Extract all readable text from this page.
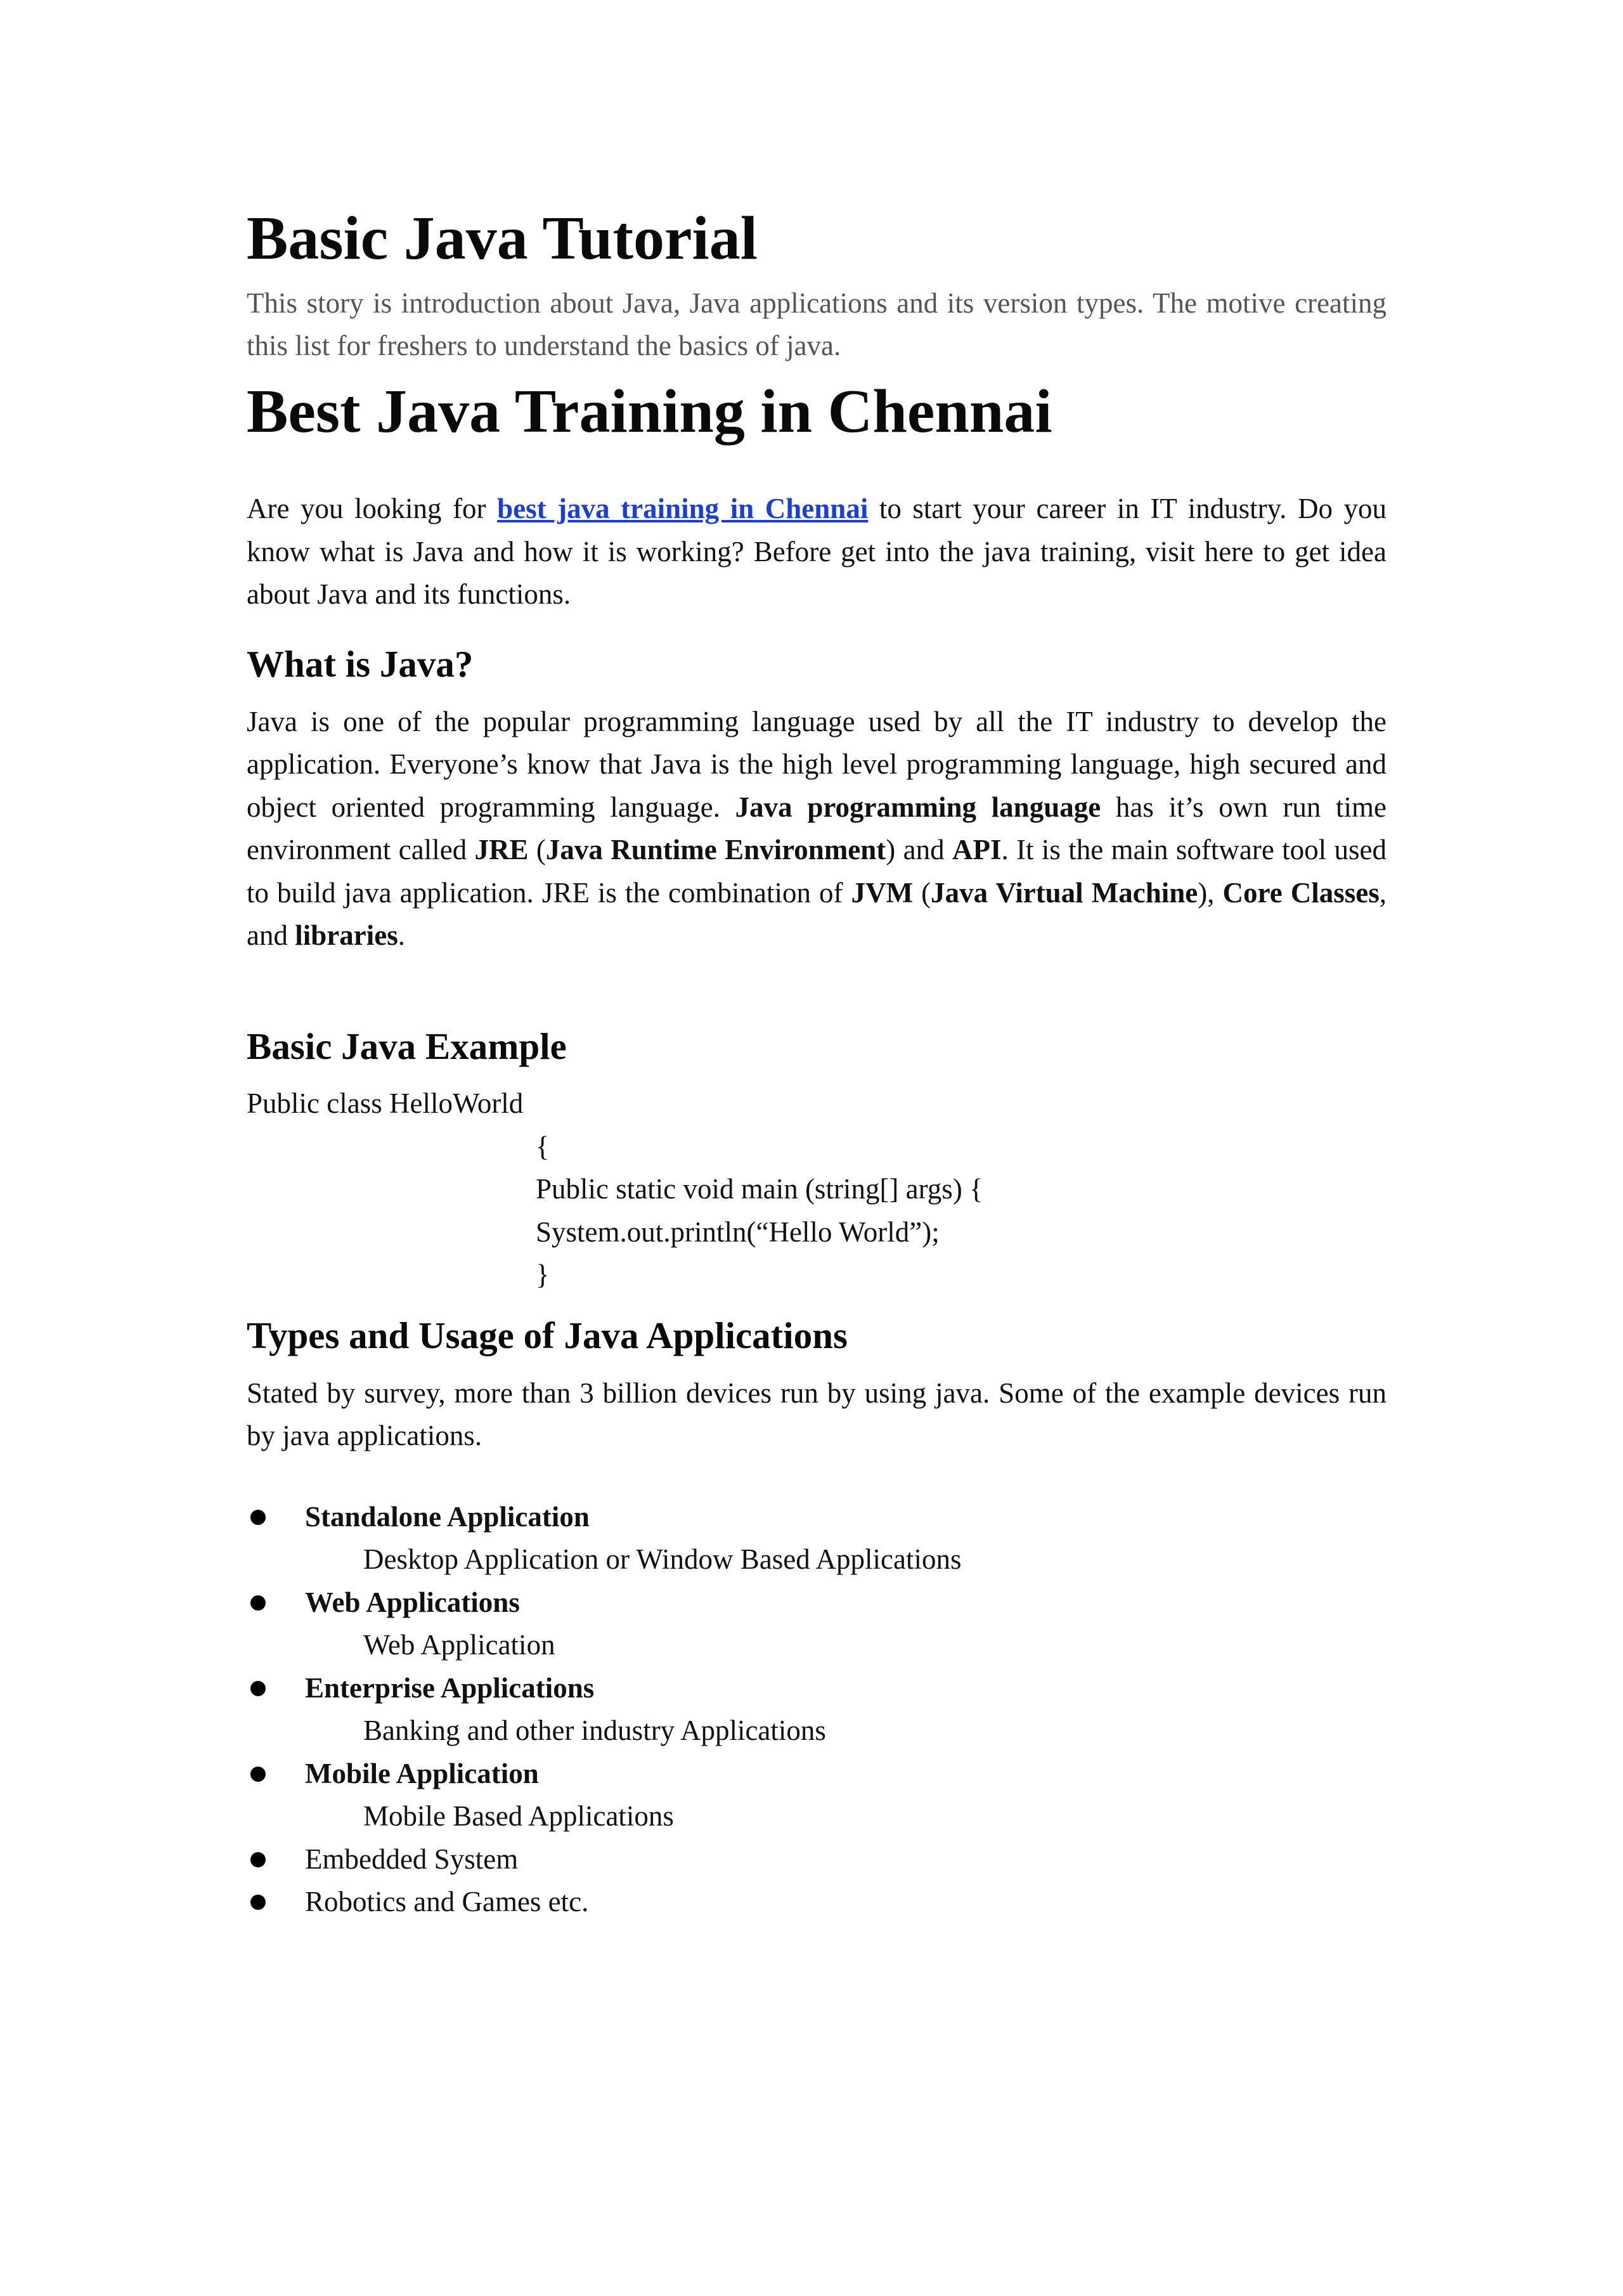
Basic Java Tutorial

This story is introduction about Java, Java applications and its version types. The motive creating this list for freshers to understand the basics of java.

Best Java Training in Chennai

Are you looking for best java training in Chennai to start your career in IT industry. Do you know what is Java and how it is working? Before get into the java training, visit here to get idea about Java and its functions.

What is Java?

Java is one of the popular programming language used by all the IT industry to develop the application. Everyone’s know that Java is the high level programming language, high secured and object oriented programming language. Java programming language has it’s own run time environment called JRE (Java Runtime Environment) and API. It is the main software tool used to build java application. JRE is the combination of JVM (Java Virtual Machine), Core Classes, and libraries.

Basic Java Example
Public class HelloWorld
{
Public static void main (string[] args) {
System.out.println(“Hello World”);
}
Types and Usage of Java Applications

Stated by survey, more than 3 billion devices run by using java. Some of the example devices run by java applications.

Standalone Application
Desktop Application or Window Based Applications
Web Applications
Web Application
Enterprise Applications
Banking and other industry Applications
Mobile Application
Mobile Based Applications
Embedded System
Robotics and Games etc.
